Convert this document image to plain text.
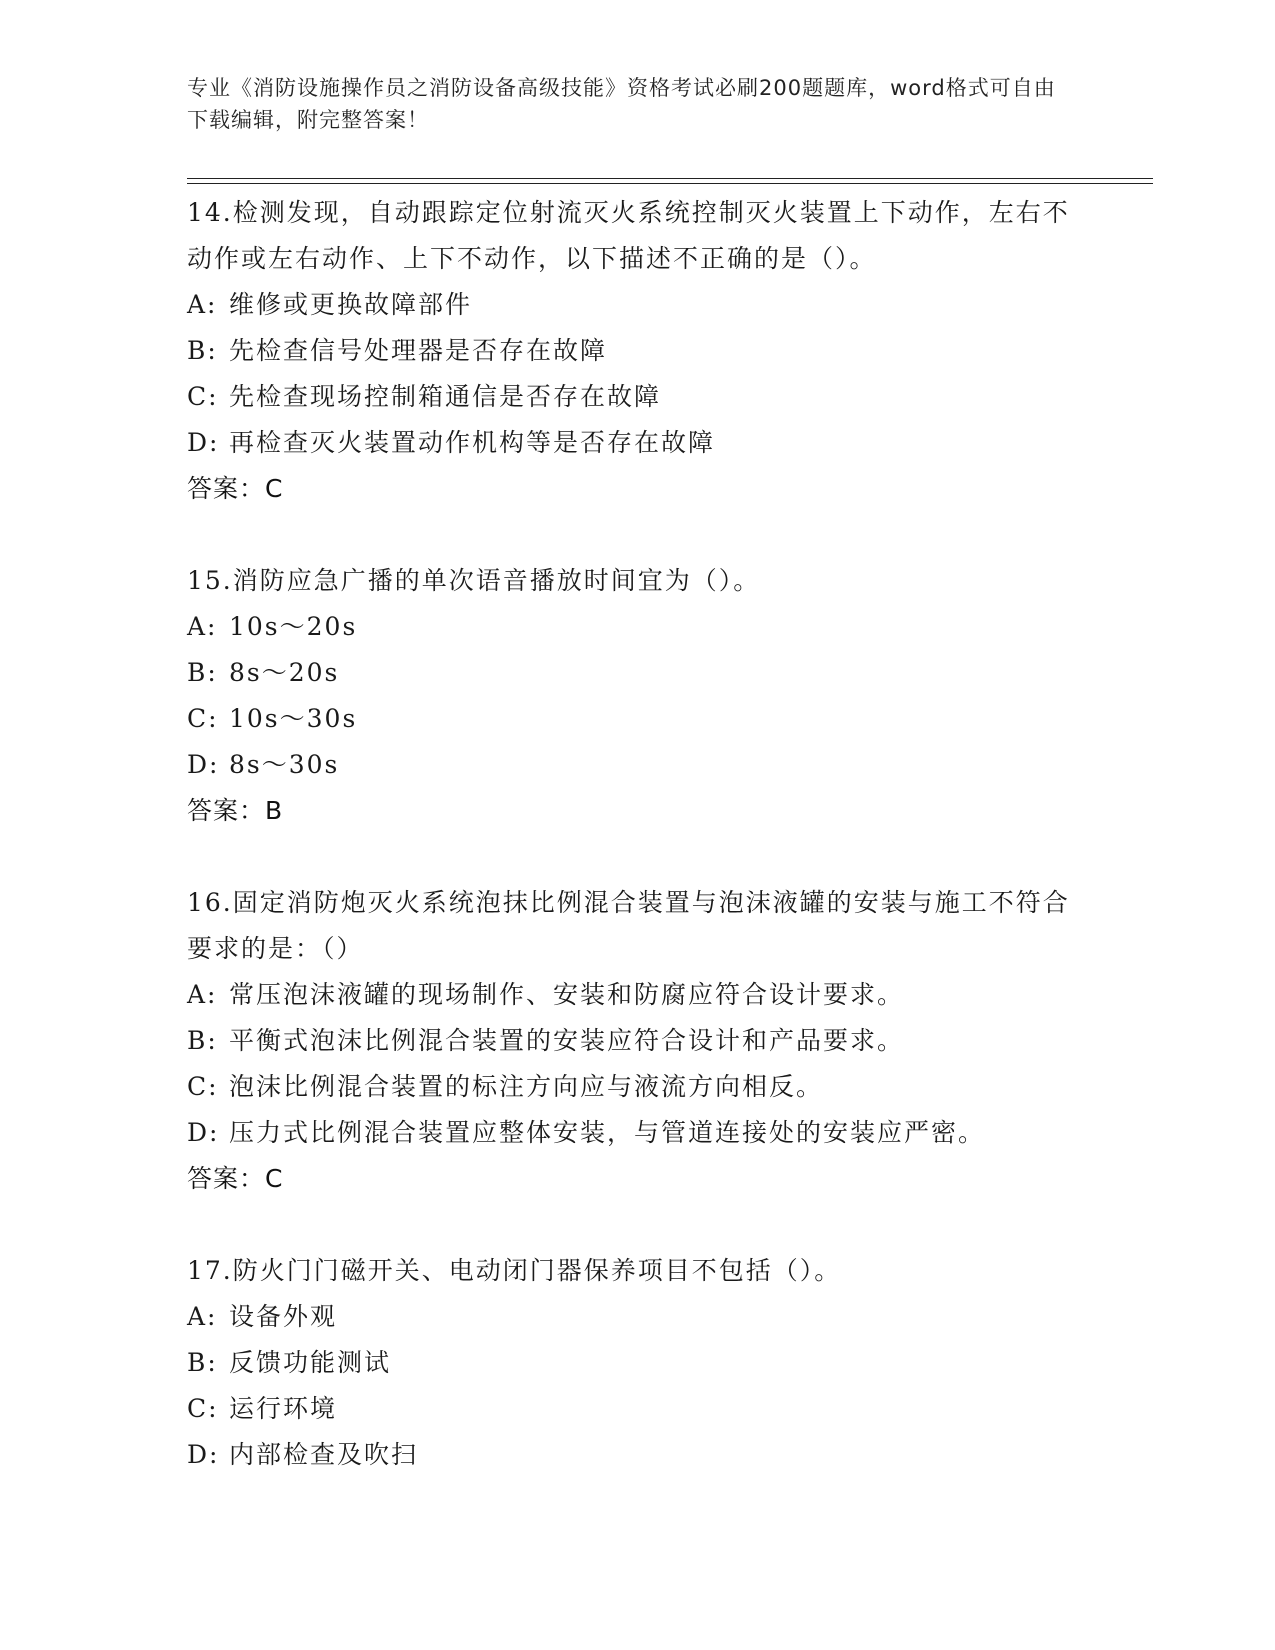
专业《消防设施操作员之消防设备高级技能》资格考试必刷200题题库，word格式可自由下载编辑，附完整答案！
14.检测发现，自动跟踪定位射流灭火系统控制灭火装置上下动作，左右不动作或左右动作、上下不动作，以下描述不正确的是（）。
A: 维修或更换故障部件
B: 先检查信号处理器是否存在故障
C: 先检查现场控制箱通信是否存在故障
D: 再检查灭火装置动作机构等是否存在故障
答案：C
15.消防应急广播的单次语音播放时间宜为（）。
A: 10s～20s
B: 8s～20s
C: 10s～30s
D: 8s～30s
答案：B
16.固定消防炮灭火系统泡抹比例混合装置与泡沫液罐的安装与施工不符合要求的是：（）
A: 常压泡沫液罐的现场制作、安装和防腐应符合设计要求。
B: 平衡式泡沫比例混合装置的安装应符合设计和产品要求。
C: 泡沫比例混合装置的标注方向应与液流方向相反。
D: 压力式比例混合装置应整体安装，与管道连接处的安装应严密。
答案：C
17.防火门门磁开关、电动闭门器保养项目不包括（）。
A: 设备外观
B: 反馈功能测试
C: 运行环境
D: 内部检查及吹扫
